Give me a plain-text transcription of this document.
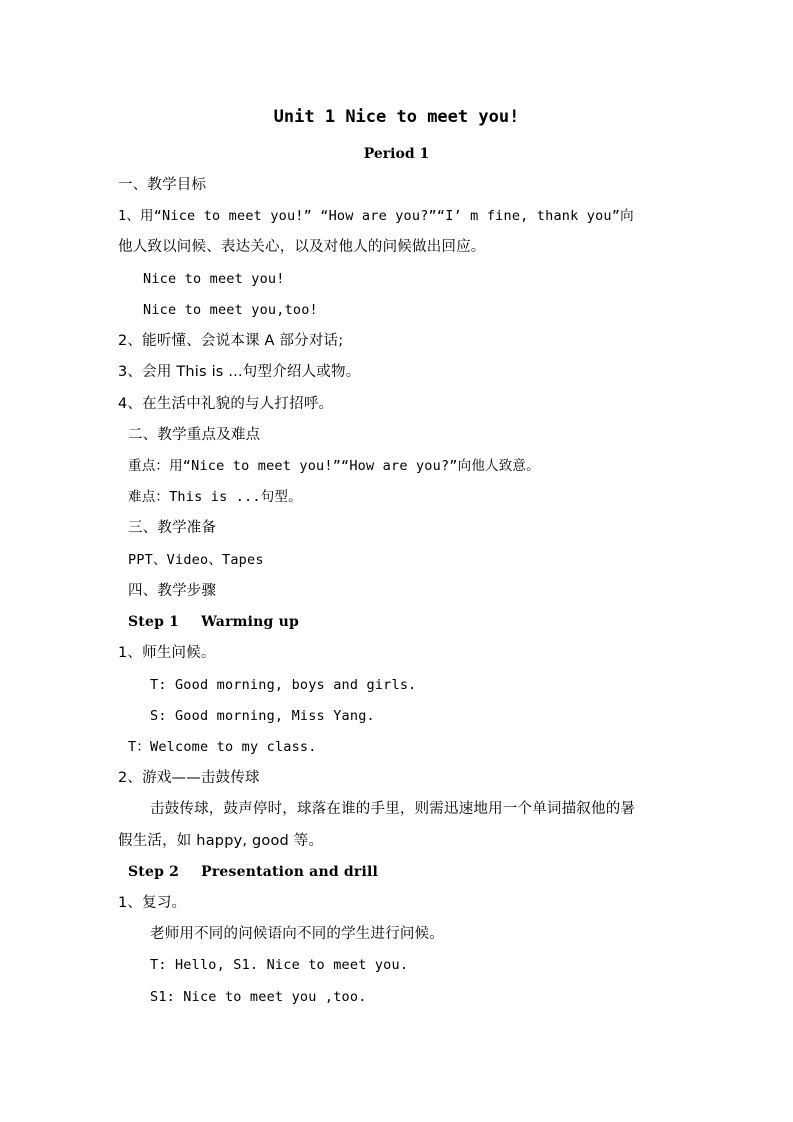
Unit 1 Nice to meet you!
Period 1
一、教学目标
1、用“Nice to meet you!” “How are you?”“I’ m fine, thank you”向
他人致以问候、表达关心，以及对他人的问候做出回应。
Nice to meet you!
Nice to meet you,too!
2、能听懂、会说本课 A 部分对话;
3、会用 This is ...句型介绍人或物。
4、在生活中礼貌的与人打招呼。
二、教学重点及难点
重点：用“Nice to meet you!”“How are you?”向他人致意。
难点：This is ...句型。
三、教学准备
PPT、Video、Tapes
四、教学步骤
Step 1 Warming up
1、师生问候。
T: Good morning, boys and girls.
S: Good morning, Miss Yang.
T：Welcome to my class.
2、游戏——击鼓传球
击鼓传球，鼓声停时，球落在谁的手里，则需迅速地用一个单词描叙他的暑
假生活，如 happy, good 等。
Step 2 Presentation and drill
1、复习。
老师用不同的问候语向不同的学生进行问候。
T: Hello, S1. Nice to meet you.
S1: Nice to meet you ,too.
